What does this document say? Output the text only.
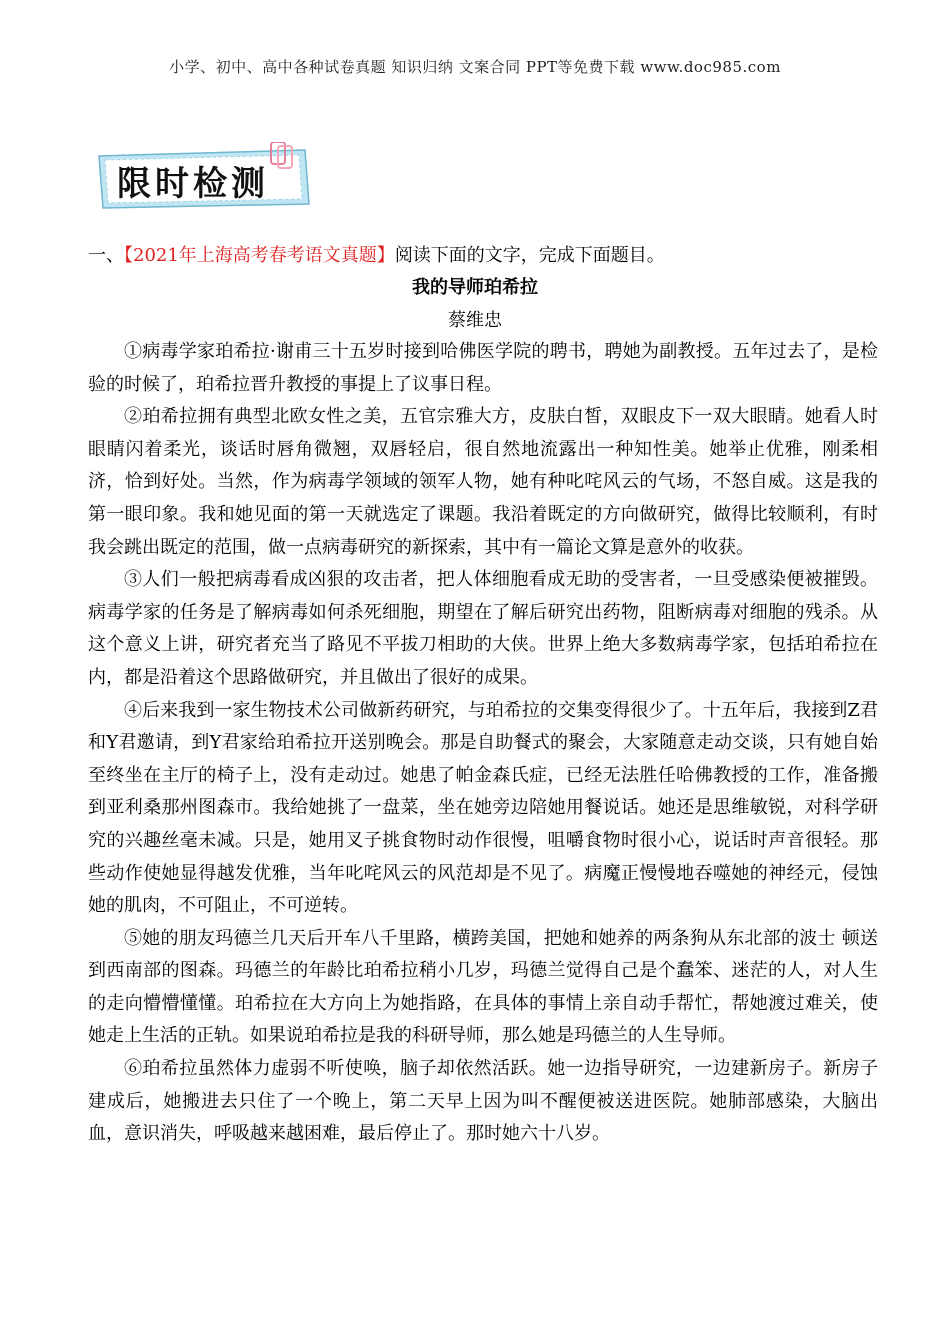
小学、初中、高中各种试卷真题 知识归纳 文案合同 PPT等免费下载 www.doc985.com
限时检测
一、【2021年上海高考春考语文真题】阅读下面的文字，完成下面题目。
我的导师珀希拉
蔡维忠

①病毒学家珀希拉·谢甫三十五岁时接到哈佛医学院的聘书，聘她为副教授。五年过去了，是检验的时候了，珀希拉晋升教授的事提上了议事日程。

②珀希拉拥有典型北欧女性之美，五官宗雅大方，皮肤白皙，双眼皮下一双大眼睛。她看人时眼睛闪着柔光，谈话时唇角微翘，双唇轻启，很自然地流露出一种知性美。她举止优雅，刚柔相济，恰到好处。当然，作为病毒学领域的领军人物，她有种叱咤风云的气场，不怒自威。这是我的第一眼印象。我和她见面的第一天就选定了课题。我沿着既定的方向做研究，做得比较顺利，有时我会跳出既定的范围，做一点病毒研究的新探索，其中有一篇论文算是意外的收获。

③人们一般把病毒看成凶狠的攻击者，把人体细胞看成无助的受害者，一旦受感染便被摧毁。病毒学家的任务是了解病毒如何杀死细胞，期望在了解后研究出药物，阻断病毒对细胞的残杀。从这个意义上讲，研究者充当了路见不平拔刀相助的大侠。世界上绝大多数病毒学家，包括珀希拉在内，都是沿着这个思路做研究，并且做出了很好的成果。

④后来我到一家生物技术公司做新药研究，与珀希拉的交集变得很少了。十五年后，我接到Z君和Y君邀请，到Y君家给珀希拉开送别晚会。那是自助餐式的聚会，大家随意走动交谈，只有她自始至终坐在主厅的椅子上，没有走动过。她患了帕金森氏症，已经无法胜任哈佛教授的工作，准备搬到亚利桑那州图森市。我给她挑了一盘菜，坐在她旁边陪她用餐说话。她还是思维敏锐，对科学研究的兴趣丝毫未减。只是，她用叉子挑食物时动作很慢，咀嚼食物时很小心，说话时声音很轻。那些动作使她显得越发优雅，当年叱咤风云的风范却是不见了。病魔正慢慢地吞噬她的神经元，侵蚀她的肌肉，不可阻止，不可逆转。

⑤她的朋友玛德兰几天后开车八千里路，横跨美国，把她和她养的两条狗从东北部的波士 顿送到西南部的图森。玛德兰的年龄比珀希拉稍小几岁，玛德兰觉得自己是个蠢笨、迷茫的人，对人生的走向懵懵懂懂。珀希拉在大方向上为她指路，在具体的事情上亲自动手帮忙，帮她渡过难关，使她走上生活的正轨。如果说珀希拉是我的科研导师，那么她是玛德兰的人生导师。

⑥珀希拉虽然体力虚弱不听使唤，脑子却依然活跃。她一边指导研究，一边建新房子。新房子建成后，她搬进去只住了一个晚上，第二天早上因为叫不醒便被送进医院。她肺部感染，大脑出血，意识消失，呼吸越来越困难，最后停止了。那时她六十八岁。
